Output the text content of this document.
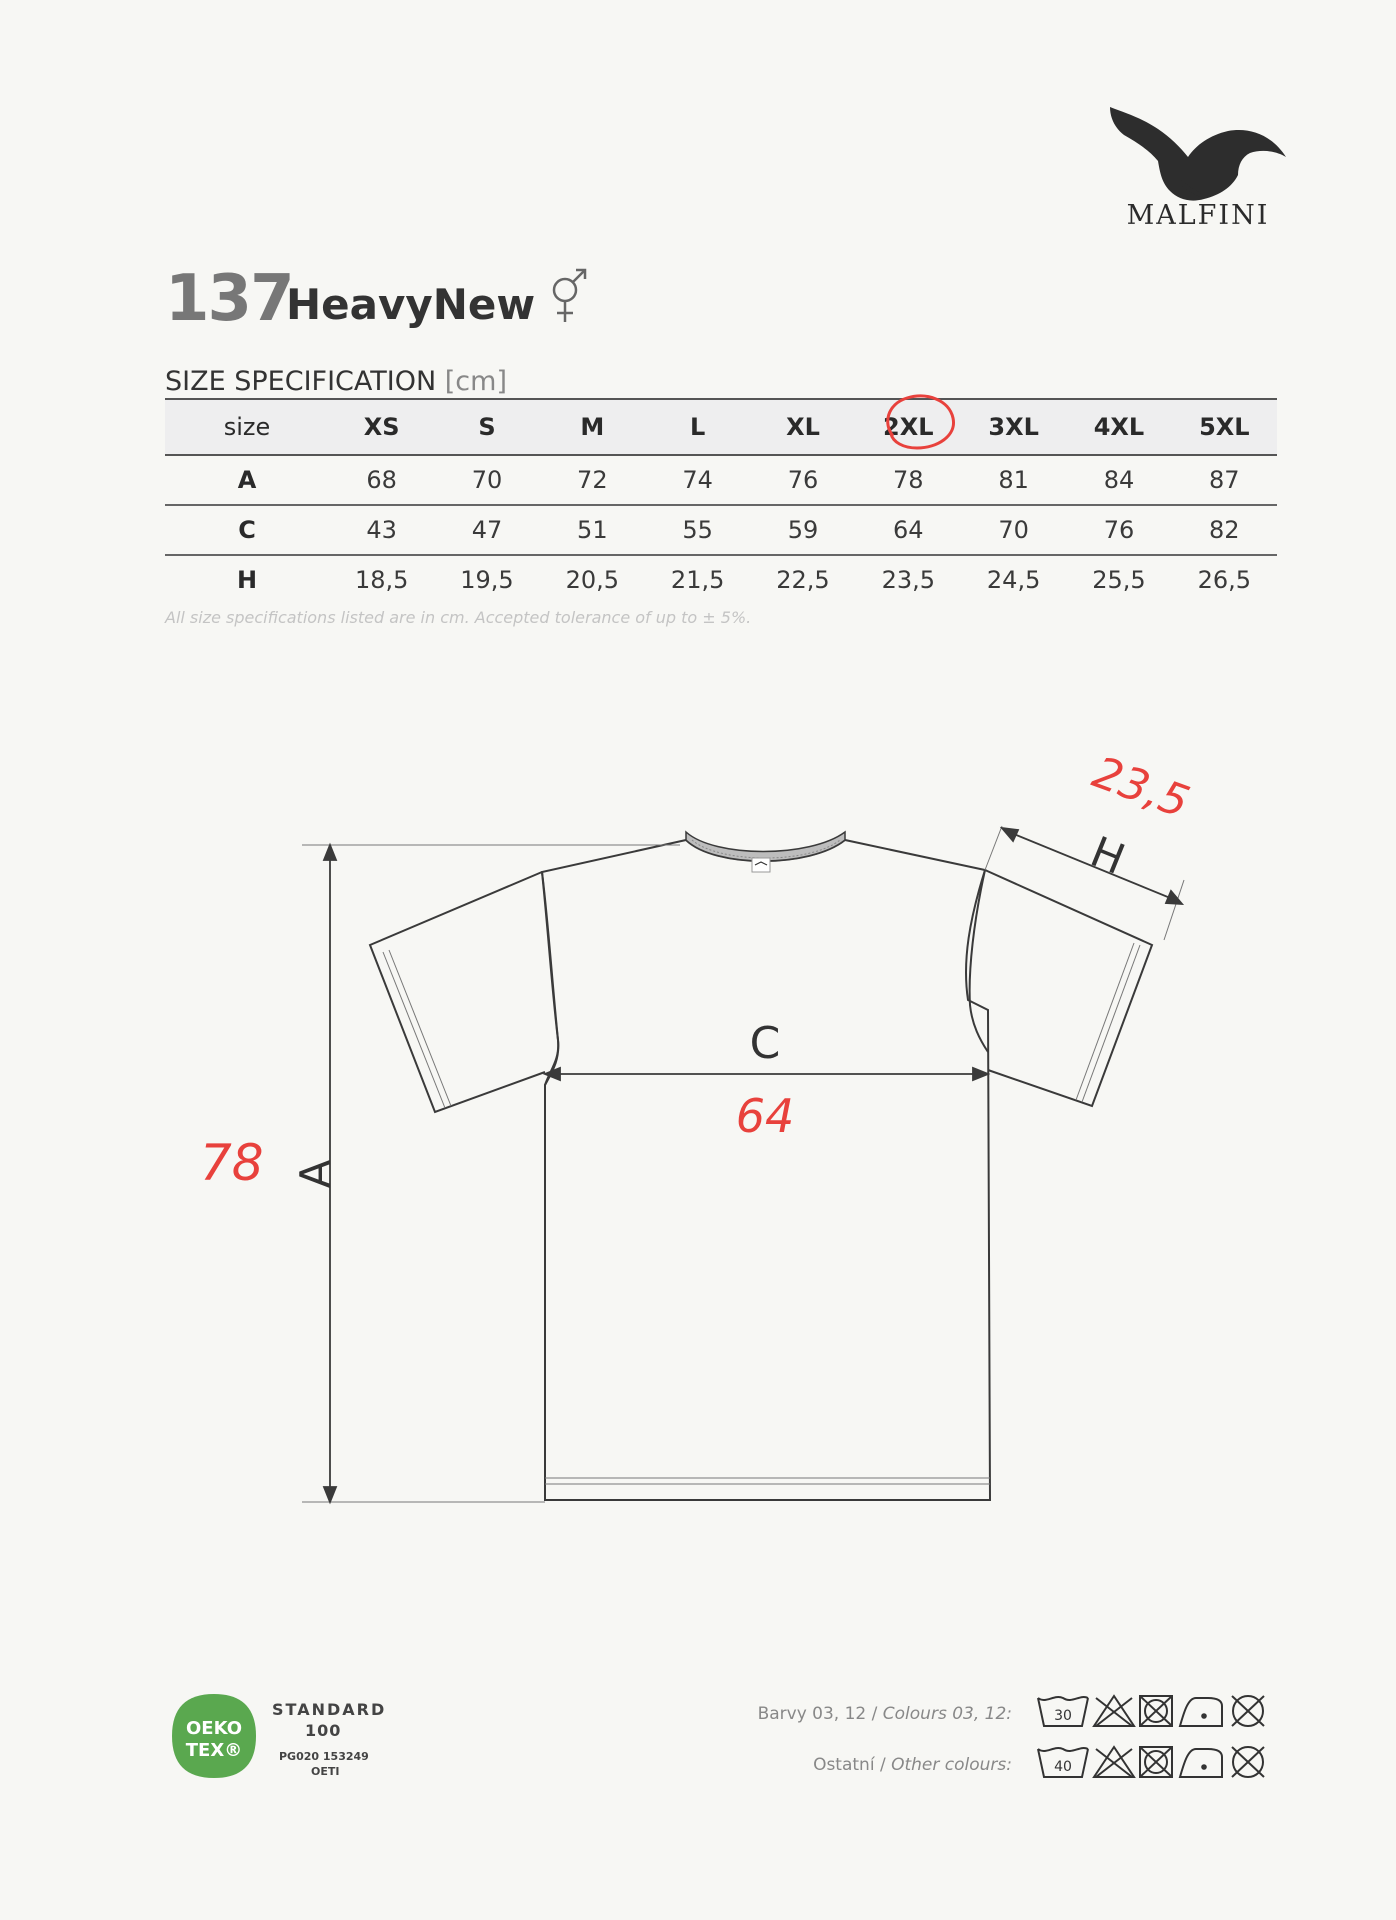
MALFINI
137
HeavyNew
SIZE SPECIFICATION [cm]
size	XS	S	M	L	XL	2XL	3XL	4XL	5XL
A	68	70	72	74	76	78	81	84	87
C	43	47	51	55	59	64	70	76	82
H	18,5	19,5	20,5	21,5	22,5	23,5	24,5	25,5	26,5
All size specifications listed are in cm. Accepted tolerance of up to ± 5%.
A
78
C
64
H
23,5
OEKO
TEX®
STANDARD
100
PG020 153249
OETI
Barvy 03, 12 / Colours 03, 12:	30
Ostatní / Other colours:	40
